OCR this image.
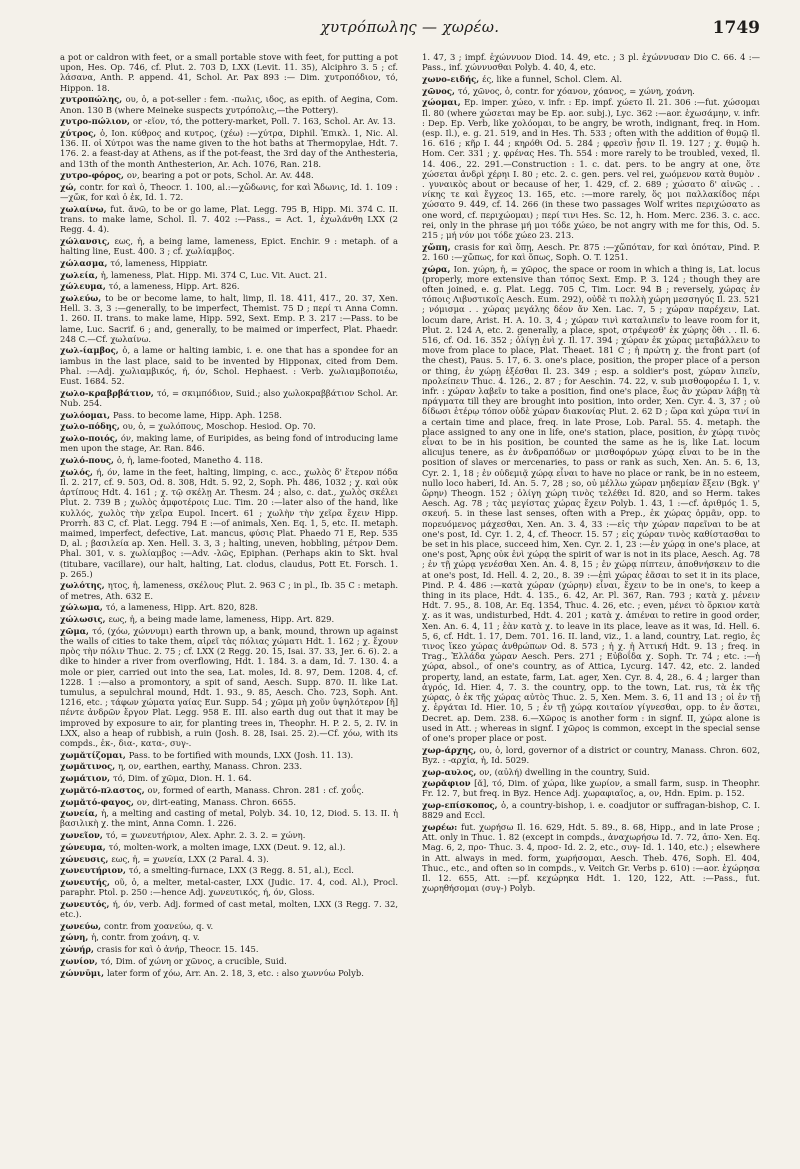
χυτρόπωλης — χωρέω.	1749

a pot or caldron with feet, or a small portable stove with feet, for putting a pot upon, Hes. Op. 746, cf. Plut. 2. 703 D, LXX (Levit. 11. 35), Alciphro 3. 5 ; cf. λάσανα, Anth. P. append. 41, Schol. Ar. Pax 893 :— Dim. χυτροπόδιον, τό, Hippon. 18.

χυτροπώλης, ου, ὁ, a pot-seller : fem. -πωλις, ιδος, as epith. of Aegina, Com. Anon. 130 B (where Meineke suspects χυτρόπολις,—the Pottery).

χυτρο-πώλιον, or -εῖον, τό, the pottery-market, Poll. 7. 163, Schol. Ar. Av. 13.

χύτρος, ὁ, Ion. κύθρος and κυτρος, (χέω) :—χύτρα, Diphil. Ἐπικλ. 1, Nic. Al. 136. II. οἱ Χύτροι was the name given to the hot baths at Thermopylae, Hdt. 7. 176. 2. a feast-day at Athens, as if the pot-feast, the 3rd day of the Anthesteria, and 13th of the month Anthesterion, Ar. Ach. 1076, Ran. 218.

χυτρο-φόρος, ον, bearing a pot or pots, Schol. Ar. Av. 448.

χώ, contr. for καὶ ὁ, Theocr. 1. 100, al.:—χὤδωνις, for καὶ Ἄδωνις, Id. 1. 109 :—χὤκ, for καὶ ὁ ἐκ, Id. 1. 72.

χωλαίνω, fut. ᾰνῶ, to be or go lame, Plat. Legg. 795 B, Hipp. Mi. 374 C. II. trans. to make lame, Schol. Il. 7. 402 :—Pass., = Act. 1, ἐχωλάνθη LXX (2 Regg. 4. 4).

χώλανσις, εως, ἡ, a being lame, lameness, Epict. Enchir. 9 : metaph. of a halting line, Eust. 400. 3 ; cf. χωλίαμβος.

χώλασμα, τό, lameness, Hippiatr.

χωλεία, ἡ, lameness, Plat. Hipp. Mi. 374 C, Luc. Vit. Auct. 21.

χώλευμα, τό, a lameness, Hipp. Art. 826.

χωλεύω, to be or become lame, to halt, limp, Il. 18. 411, 417., 20. 37, Xen. Hell. 3. 3, 3 :—generally, to be imperfect, Themist. 75 D ; περί τι Anna Comn. 1. 260. II. trans. to make lame, Hipp. 592, Sext. Emp. P. 3. 217 :—Pass. to be lame, Luc. Sacrif. 6 ; and, generally, to be maimed or imperfect, Plat. Phaedr. 248 C.—Cf. χωλαίνω.

χωλ-ίαμβος, ὁ, a lame or halting iambic, i. e. one that has a spondee for an iambus in the last place, said to be invented by Hipponax, cited from Dem. Phal. :—Adj. χωλιαμβικός, ή, όν, Schol. Hephaest. : Verb. χωλιαμβοποιέω, Eust. 1684. 52.

χωλο-κραβρβάτιον, τό, = σκιμπόδιον, Suid.; also χωλοκραββάτιον Schol. Ar. Nub. 254.

χωλόομαι, Pass. to become lame, Hipp. Aph. 1258.

χωλο-πόδης, ου, ὁ, = χωλόπους, Moschop. Hesiod. Op. 70.

χωλο-ποιός, όν, making lame, of Euripides, as being fond of introducing lame men upon the stage, Ar. Ran. 846.

χωλό-πους, ὁ, ἡ, lame-footed, Manetho 4. 118.

χωλός, ή, όν, lame in the feet, halting, limping, c. acc., χωλὸς δ' ἕτερον πόδα Il. 2. 217, cf. 9. 503, Od. 8. 308, Hdt. 5. 92, 2, Soph. Ph. 486, 1032 ; χ. καὶ οὐκ ἀρτίπους Hdt. 4. 161 ; χ. τῷ σκέλῃ Ar. Thesm. 24 ; also, c. dat., χωλὸς σκέλει Plut. 2. 739 B ; χωλὸς ἀμφοτέροις Luc. Tim. 20 :—later also of the hand, like κυλλός, χωλὸς τὴν χεῖρα Eupol. Incert. 61 ; χωλὴν τὴν χεῖρα ἔχειν Hipp. Prorrh. 83 C, cf. Plat. Legg. 794 E :—of animals, Xen. Eq. 1, 5, etc. II. metaph. maimed, imperfect, defective, Lat. mancus, φύσις Plat. Phaedo 71 E, Rep. 535 D, al. ; βασιλεία ap. Xen. Hell. 3. 3, 3 ; halting, uneven, hobbling, μέτρον Dem. Phal. 301, v. s. χωλίαμβος :—Adv. -λῶς, Epiphan. (Perhaps akin to Skt. hval (titubare, vacillare), our halt, halting, Lat. clodus, claudus, Pott Et. Forsch. 1. p. 265.)

χωλότης, ητος, ἡ, lameness, σκέλους Plut. 2. 963 C ; in pl., Ib. 35 C : metaph. of metres, Ath. 632 E.

χώλωμα, τό, a lameness, Hipp. Art. 820, 828.

χώλωσις, εως, ἡ, a being made lame, lameness, Hipp. Art. 829.

χῶμα, τό, (χόω, χώννυμι) earth thrown up, a bank, mound, thrown up against the walls of cities to take them, αἱρεῖ τὰς πόλιας χώματι Hdt. 1. 162 ; χ. ἔχουν πρὸς τὴν πόλιν Thuc. 2. 75 ; cf. LXX (2 Regg. 20. 15, Isai. 37. 33, Jer. 6. 6). 2. a dike to hinder a river from overflowing, Hdt. 1. 184. 3. a dam, Id. 7. 130. 4. a mole or pier, carried out into the sea, Lat. moles, Id. 8. 97, Dem. 1208. 4, cf. 1228. 1 :—also a promontory, a spit of sand, Aesch. Supp. 870. II. like Lat. tumulus, a sepulchral mound, Hdt. 1. 93., 9. 85, Aesch. Cho. 723, Soph. Ant. 1216, etc. ; τάφων χώματα γαίας Eur. Supp. 54 ; χῶμα μὴ χοῦν ὑψηλότερον [ἤ] πέντε ἀνδρῶν ἔργον Plat. Legg. 958 E. III. also earth dug out that it may be improved by exposure to air, for planting trees in, Theophr. H. P. 2. 5, 2. IV. in LXX, also a heap of rubbish, a ruin (Josh. 8. 28, Isai. 25. 2).—Cf. χόω, with its compds., ἐκ-, δια-, κατα-, συγ-.

χωμᾰτίζομαι, Pass. to be fortified with mounds, LXX (Josh. 11. 13).

χωμᾰτινος, η, ον, earthen, earthy, Manass. Chron. 233.

χωμάτιον, τό, Dim. of χῶμα, Dion. H. 1. 64.

χωμᾰτό-πλαστος, ον, formed of earth, Manass. Chron. 281 : cf. χοΰς.

χωμᾰτό-φαγος, ον, dirt-eating, Manass. Chron. 6655.

χωνεία, ἡ, a melting and casting of metal, Polyb. 34. 10, 12, Diod. 5. 13. II. ἡ βασιλικὴ χ. the mint, Anna Comn. 1. 226.

χωνεῖον, τό, = χωνευτήριον, Alex. Aphr. 2. 3. 2. = χώνη.

χώνευμα, τό, molten-work, a molten image, LXX (Deut. 9. 12, al.).

χώνευσις, εως, ἡ, = χωνεία, LXX (2 Paral. 4. 3).

χωνευτήριον, τό, a smelting-furnace, LXX (3 Regg. 8. 51, al.), Eccl.

χωνευτής, οῦ, ὁ, a melter, metal-caster, LXX (Judic. 17. 4, cod. Al.), Procl. paraphr. Ptol. p. 250 :—hence Adj. χωνευτικός, ή, όν, Gloss.

χωνευτός, ή, όν, verb. Adj. formed of cast metal, molten, LXX (3 Regg. 7. 32, etc.).

χωνεύω, contr. from χοανεύω, q. v.

χώνη, ἡ, contr. from χοάνη, q. v.

χὠνήρ, crasis for καὶ ὁ ἀνήρ, Theocr. 15. 145.

χωνίον, τό, Dim. of χώνη or χῶνος, a crucible, Suid.

χώννῡμι, later form of χόω, Arr. An. 2. 18, 3, etc. : also χωννύω Polyb.

1. 47, 3 ; impf. ἐχώννυον Diod. 14. 49, etc. ; 3 pl. ἐχώννυσαν Dio C. 66. 4 :—Pass., inf. χώννυσθαι Polyb. 4. 40, 4, etc.

χωνο-ειδής, ές, like a funnel, Schol. Clem. Al.

χῶνος, τό, χῶνος, ὁ, contr. for χόανον, χόανος, = χώνη, χοάνη.

χώομαι, Ep. imper. χώεο, v. infr. : Ep. impf. χώετο Il. 21. 306 :—fut. χώσομαι Il. 80 (where χώσεται may be Ep. aor. subj.), Lyc. 362 :—aor. ἐχωσάμην, v. infr. : Dep. Ep. Verb, like χολόομαι, to be angry, be wroth, indignant, freq. in Hom. (esp. Il.), e. g. 21. 519, and in Hes. Th. 533 ; often with the addition of θυμῷ Il. 16. 616 ; κῆρ I. 44 ; κηρόθι Od. 5. 284 ; φρεσὶν ᾗσιν Il. 19. 127 ; χ. θυμῷ h. Hom. Cer. 331 ; χ. φρένας Hes. Th. 554 : more rarely to be troubled, vexed, Il. 14. 406., 22. 291.—Construction : 1. c. dat. pers. to be angry at one, ὅτε χώσεται ἀνδρὶ χέρηι I. 80 ; etc. 2. c. gen. pers. vel rei, χωόμενον κατὰ θυμὸν . . γυναικὸς about or because of her, 1. 429, cf. 2. 689 ; χώσατο δ' αἰνῶς . . νίκης τε καὶ ἔγχεος 13. 165, etc. :—more rarely, ὅς μοι παλλακίδος πέρι χώσατο 9. 449, cf. 14. 266 (in these two passages Wolf writes περιχώσατο as one word, cf. περιχώομαι) ; περί τινι Hes. Sc. 12, h. Hom. Merc. 236. 3. c. acc. rei, only in the phrase μή μοι τόδε χώεο, be not angry with me for this, Od. 5. 215 ; μή νύν μοι τόδε χώεο 23. 213.

χὤπη, crasis for καὶ ὅπῃ, Aesch. Pr. 875 :—χὤπόταν, for καὶ ὁπόταν, Pind. P. 2. 160 :—χὤπως, for καὶ ὅπως, Soph. O. T. 1251.

χώρα, Ion. χώρη, ἡ, = χῶρος, the space or room in which a thing is, Lat. locus (properly, more extensive than τόπος Sext. Emp. P. 3. 124 ; though they are often joined, e. g. Plat. Legg. 705 C, Tim. Locr. 94 B ; reversely, χώρας ἐν τόποις Λιβυστικοῖς Aesch. Eum. 292), οὐδὲ τι πολλὴ χώρη μεσσηγύς Il. 23. 521 ; νόμισμα . . χώρας μεγάλης δέον ἄν Xen. Lac. 7, 5 ; χώραν παρέχειν, Lat. locum dare, Arist. H. A. 10. 3, 4 ; χώραν τινὶ καταλιπεῖν to leave room for it, Plut. 2. 124 A, etc. 2. generally, a place, spot, στρέψεσθ' ἐκ χώρης ὅθι . . Il. 6. 516, cf. Od. 16. 352 ; ὀλίγῃ ἐνὶ χ. Il. 17. 394 ; χώραν ἐκ χώρας μεταβάλλειν to move from place to place, Plat. Theaet. 181 C ; ἡ πρώτη χ. the front part (of the chest), Paus. 5. 17, 6. 3. one's place, position, the proper place of a person or thing, ἐν χώρῃ ἑξέσθαι Il. 23. 349 ; esp. a soldier's post, χώραν λιπεῖν, προλείπειν Thuc. 4. 126., 2. 87 ; for Aeschin. 74. 22, v. sub μισθοφορέω I. 1, v. infr. : χώραν λαβεῖν to take a position, find one's place, ἕως ἂν χώραν λάβῃ τὰ πράγματα till they are brought into position, into order, Xen. Cyr. 4. 3, 37 ; οὐ δίδωσι ἑτέρῳ τόπον οὐδὲ χώραν διακονίας Plut. 2. 62 D ; ὥρα καὶ χώρα τινί in a certain time and place, freq. in late Prose, Lob. Paral. 55. 4. metaph. the place assigned to any one in life, one's station, place, position, ἐν χώρᾳ τινὸς εἶναι to be in his position, be counted the same as he is, like Lat. locum alicujus tenere, as ἐν ἀνδραπόδων or μισθοφόρων χώρᾳ εἶναι to be in the position of slaves or mercenaries, to pass or rank as such, Xen. An. 5. 6, 13, Cyr. 2. 1, 18 ; ἐν οὐδεμιᾷ χώρᾳ εἶναι to have no place or rank, be in no esteem, nullo loco haberi, Id. An. 5. 7, 28 ; so, οὐ μέλλω χώραν μηδεμίαν ἕξειν (Bgk. γ' ὥρην) Theogn. 152 ; ὀλίγη χώρη τινὸς τελέθει Id. 820, and so Herm. takes Aesch. Ag. 78 ; τὰς μεγίστας χώρας ἔχειν Polyb. 1. 43, 1 :—cf. ἀριθμός 1. 5, σκευή. 5. in these last senses, often with a Prep., ἐκ χώρας ὁρμᾶν, opp. to πορευόμενος μάχεσθαι, Xen. An. 3. 4, 33 :—εἰς τὴν χώραν παρεῖναι to be at one's post, Id. Cyr. 1. 2, 4, cf. Theocr. 15. 57 ; εἰς χώραν τινὸς καθίστασθαι to be set in his place, succeed him, Xen. Cyr. 2. 1, 23 :—ἐν χώρᾳ in one's place, at one's post, Ἄρης οὐκ ἐνὶ χώρᾳ the spirit of war is not in its place, Aesch. Ag. 78 ; ἐν τῇ χώρᾳ γενέσθαι Xen. An. 4. 8, 15 ; ἐν χώρᾳ πίπτειν, ἀποθνήσκειν to die at one's post, Id. Hell. 4. 2, 20., 8. 39 :—ἐπὶ χώρας ἐᾶσαι to set it in its place, Pind. P. 4. 486 :—κατὰ χώραν (χώρην) εἶναι, ἔχειν to be in one's, to keep a thing in its place, Hdt. 4. 135., 6. 42, Ar. Pl. 367, Ran. 793 ; κατὰ χ. μένειν Hdt. 7. 95., 8. 108, Ar. Eq. 1354, Thuc. 4. 26, etc. ; even, μένει τὸ ὅρκιον κατὰ χ. as it was, undisturbed, Hdt. 4. 201 ; κατὰ χ. ἀπιέναι to retire in good order, Xen. An. 6. 4, 11 ; ἐὰν κατὰ χ. to leave in its place, leave as it was, Id. Hell. 6. 5, 6, cf. Hdt. 1. 17, Dem. 701. 16. II. land, viz., 1. a land, country, Lat. regio, ἐς τινος ἴκεο χώρας ἀνθρώπων Od. 8. 573 ; ἡ χ. ἡ Ἀττική Hdt. 9. 13 ; freq. in Trag., Ἑλλάδα χώραν Aesch. Pers. 271 ; Εὐβοΐδα χ. Soph. Tr. 74 ; etc. :—ἡ χώρα, absol., of one's country, as of Attica, Lycurg. 147. 42, etc. 2. landed property, land, an estate, farm, Lat. ager, Xen. Cyr. 8. 4, 28., 6. 4 ; larger than ἀγρός, Id. Hier. 4, 7. 3. the country, opp. to the town, Lat. rus, τὰ ἐκ τῆς χώρας, ὁ ἐκ τῆς χώρας αὐτὸς Thuc. 2. 5, Xen. Mem. 3. 6, 11 and 13 ; οἱ ἐν τῇ χ. ἐργάται Id. Hier. 10, 5 ; ἐν τῇ χώρᾳ κοιταίον γίγνεσθαι, opp. to ἐν ἄστει, Decret. ap. Dem. 238. 6.—Χῶρος is another form : in signf. II, χώρα alone is used in Att. ; whereas in signf. I χῶρος is common, except in the special sense of one's proper place or post.

χωρ-άρχης, ου, ὁ, lord, governor of a district or country, Manass. Chron. 602, Byz. : -αρχία, ἡ, Id. 5029.

χωρ-αυλος, ον, (αὐλή) dwelling in the country, Suid.

χωρᾰφιον [ᾰ], τό, Dim. of χώρα, like χωρίον, a small farm, susp. in Theophr. Fr. 12. 7, but freq. in Byz. Hence Adj. χωραφιαῖος, a, ον, Hdn. Epim. p. 152.

χωρ-επίσκοπος, ὁ, a country-bishop, i. e. coadjutor or suffragan-bishop, C. I. 8829 and Eccl.

χωρέω: fut. χωρήσω Il. 16. 629, Hdt. 5. 89., 8. 68, Hipp., and in late Prose ; Att. only in Thuc. 1. 82 (except in compds., ἀναχωρήσω Id. 7. 72, ἀπο- Xen. Eq. Mag. 6, 2, προ- Thuc. 3. 4, προσ- Id. 2. 2, etc., συγ- Id. 1. 140, etc.) ; elsewhere in Att. always in med. form, χωρήσομαι, Aesch. Theb. 476, Soph. El. 404, Thuc., etc., and often so in compds., v. Veitch Gr. Verbs p. 610) :—aor. ἐχώρησα Il. 12. 655, Att. :—pf. κεχώρηκα Hdt. 1. 120, 122, Att. :—Pass., fut. χωρηθήσομαι (συγ-) Polyb.
